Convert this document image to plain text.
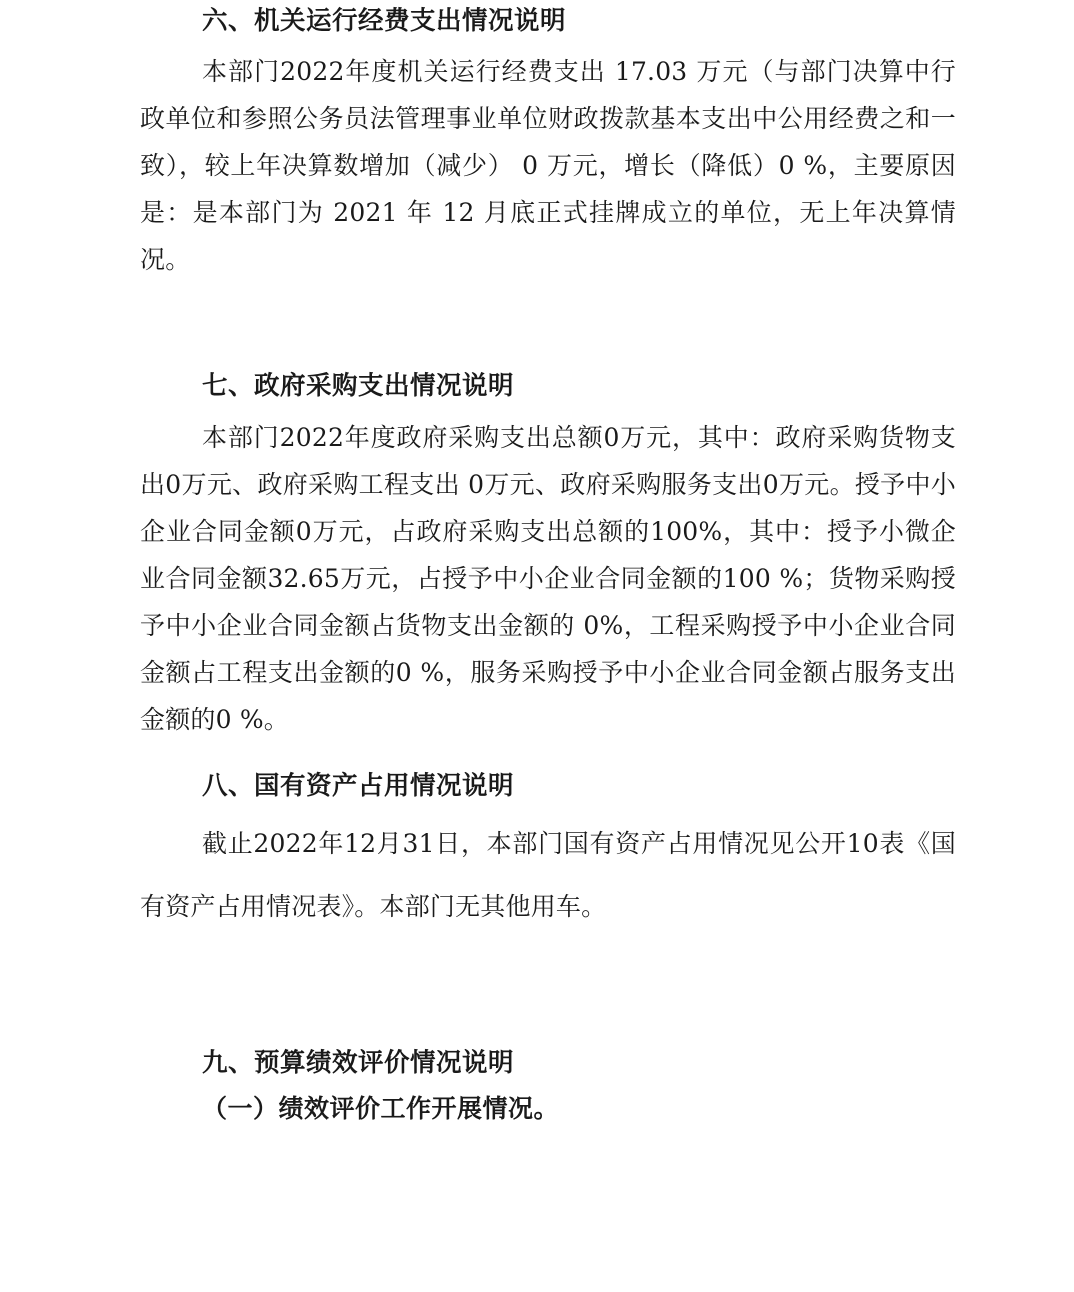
六、机关运行经费支出情况说明

本部门2022年度机关运行经费支出 17.03 万元（与部门决算中行政单位和参照公务员法管理事业单位财政拨款基本支出中公用经费之和一致），较上年决算数增加（减少） 0 万元，增长（降低）0 %，主要原因是：是本部门为 2021 年 12 月底正式挂牌成立的单位，无上年决算情况。

七、政府采购支出情况说明

本部门2022年度政府采购支出总额0万元，其中：政府采购货物支出0万元、政府采购工程支出 0万元、政府采购服务支出0万元。授予中小企业合同金额0万元，占政府采购支出总额的100%，其中：授予小微企业合同金额32.65万元，占授予中小企业合同金额的100 %；货物采购授予中小企业合同金额占货物支出金额的 0%，工程采购授予中小企业合同金额占工程支出金额的0 %，服务采购授予中小企业合同金额占服务支出金额的0 %。

八、国有资产占用情况说明

截止2022年12月31日，本部门国有资产占用情况见公开10表《国有资产占用情况表》。本部门无其他用车。

九、预算绩效评价情况说明
（一）绩效评价工作开展情况。
